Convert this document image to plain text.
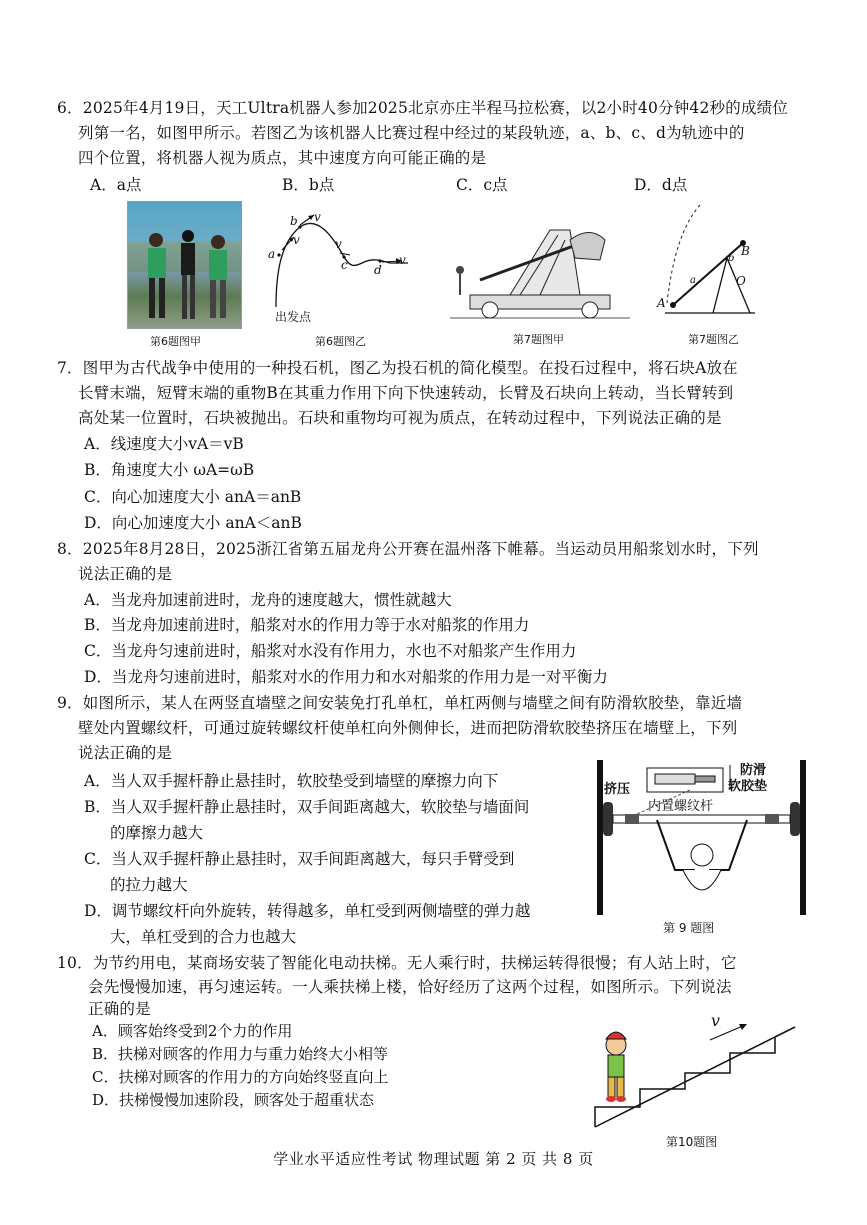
6．2025年4月19日，天工Ultra机器人参加2025北京亦庄半程马拉松赛，以2小时40分钟42秒的成绩位
列第一名，如图甲所示。若图乙为该机器人比赛过程中经过的某段轨迹，a、b、c、d为轨迹中的
四个位置，将机器人视为质点，其中速度方向可能正确的是
A．a点	B．b点	C．c点	D．d点
第6题图甲
a
b
c d
v
v
v
v
出发点
第6题图乙	第7题图甲
A
B
a
b
O
第7题图乙
7．图甲为古代战争中使用的一种投石机，图乙为投石机的简化模型。在投石过程中，将石块A放在
长臂末端，短臂末端的重物B在其重力作用下向下快速转动，长臂及石块向上转动，当长臂转到
高处某一位置时，石块被抛出。石块和重物均可视为质点，在转动过程中，下列说法正确的是
A．线速度大小vA＝vB
B．角速度大小 ωA=ωB
C．向心加速度大小 anA＝anB
D．向心加速度大小 anA＜anB
8．2025年8月28日，2025浙江省第五届龙舟公开赛在温州落下帷幕。当运动员用船浆划水时，下列
说法正确的是
A．当龙舟加速前进时，龙舟的速度越大，惯性就越大
B．当龙舟加速前进时，船浆对水的作用力等于水对船浆的作用力
C．当龙舟匀速前进时，船浆对水没有作用力，水也不对船浆产生作用力
D．当龙舟匀速前进时，船浆对水的作用力和水对船浆的作用力是一对平衡力
9．如图所示，某人在两竖直墙壁之间安装免打孔单杠，单杠两侧与墙壁之间有防滑软胶垫，靠近墙
壁处内置螺纹杆，可通过旋转螺纹杆使单杠向外侧伸长，进而把防滑软胶垫挤压在墙壁上，下列
说法正确的是
A．当人双手握杆静止悬挂时，软胶垫受到墙壁的摩擦力向下
B．当人双手握杆静止悬挂时，双手间距离越大，软胶垫与墙面间
的摩擦力越大
C．当人双手握杆静止悬挂时，双手间距离越大，每只手臂受到
的拉力越大
D．调节螺纹杆向外旋转，转得越多，单杠受到两侧墙壁的弹力越
大，单杠受到的合力也越大
挤压
内置螺纹杆
防滑
软胶垫
第 9 题图
10．为节约用电，某商场安装了智能化电动扶梯。无人乘行时，扶梯运转得很慢；有人站上时，它
会先慢慢加速，再匀速运转。一人乘扶梯上楼，恰好经历了这两个过程，如图所示。下列说法
正确的是
A．顾客始终受到2个力的作用
B．扶梯对顾客的作用力与重力始终大小相等
C．扶梯对顾客的作用力的方向始终竖直向上
D．扶梯慢慢加速阶段，顾客处于超重状态
v
第10题图
学业水平适应性考试 物理试题 第 2 页 共 8 页
